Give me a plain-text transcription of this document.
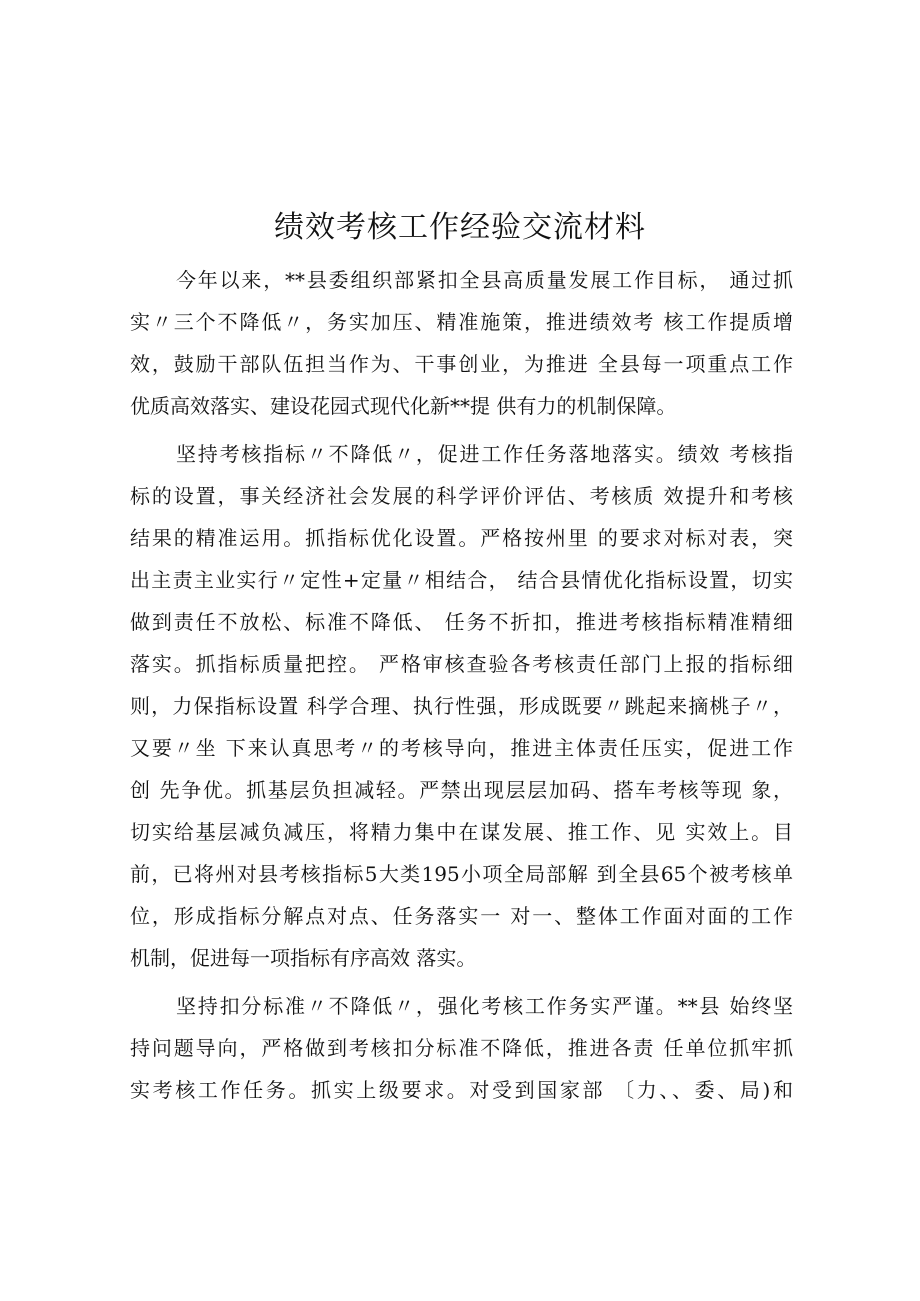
绩效考核工作经验交流材料
今年以来，**县委组织部紧扣全县高质量发展工作目标， 通过抓
实〃三个不降低〃，务实加压、精准施策，推进绩效考 核工作提质增
效，鼓励干部队伍担当作为、干事创业，为推进 全县每一项重点工作
优质高效落实、建设花园式现代化新**提 供有力的机制保障。
坚持考核指标〃不降低〃，促进工作任务落地落实。绩效 考核指
标的设置，事关经济社会发展的科学评价评估、考核质 效提升和考核
结果的精准运用。抓指标优化设置。严格按州里 的要求对标对表，突
出主责主业实行〃定性+定量〃相结合， 结合县情优化指标设置，切实
做到责任不放松、标准不降低、 任务不折扣，推进考核指标精准精细
落实。抓指标质量把控。 严格审核查验各考核责任部门上报的指标细
则，力保指标设置 科学合理、执行性强，形成既要〃跳起来摘桃子〃，
又要〃坐 下来认真思考〃的考核导向，推进主体责任压实，促进工作
创 先争优。抓基层负担减轻。严禁出现层层加码、搭车考核等现 象，
切实给基层减负减压，将精力集中在谋发展、推工作、见 实效上。目
前，已将州对县考核指标5大类195小项全局部解 到全县65个被考核单
位，形成指标分解点对点、任务落实一 对一、整体工作面对面的工作
机制，促进每一项指标有序高效 落实。
坚持扣分标准〃不降低〃，强化考核工作务实严谨。**县 始终坚
持问题导向，严格做到考核扣分标准不降低，推进各责 任单位抓牢抓
实考核工作任务。抓实上级要求。对受到国家部 〔力、、委、局)和
